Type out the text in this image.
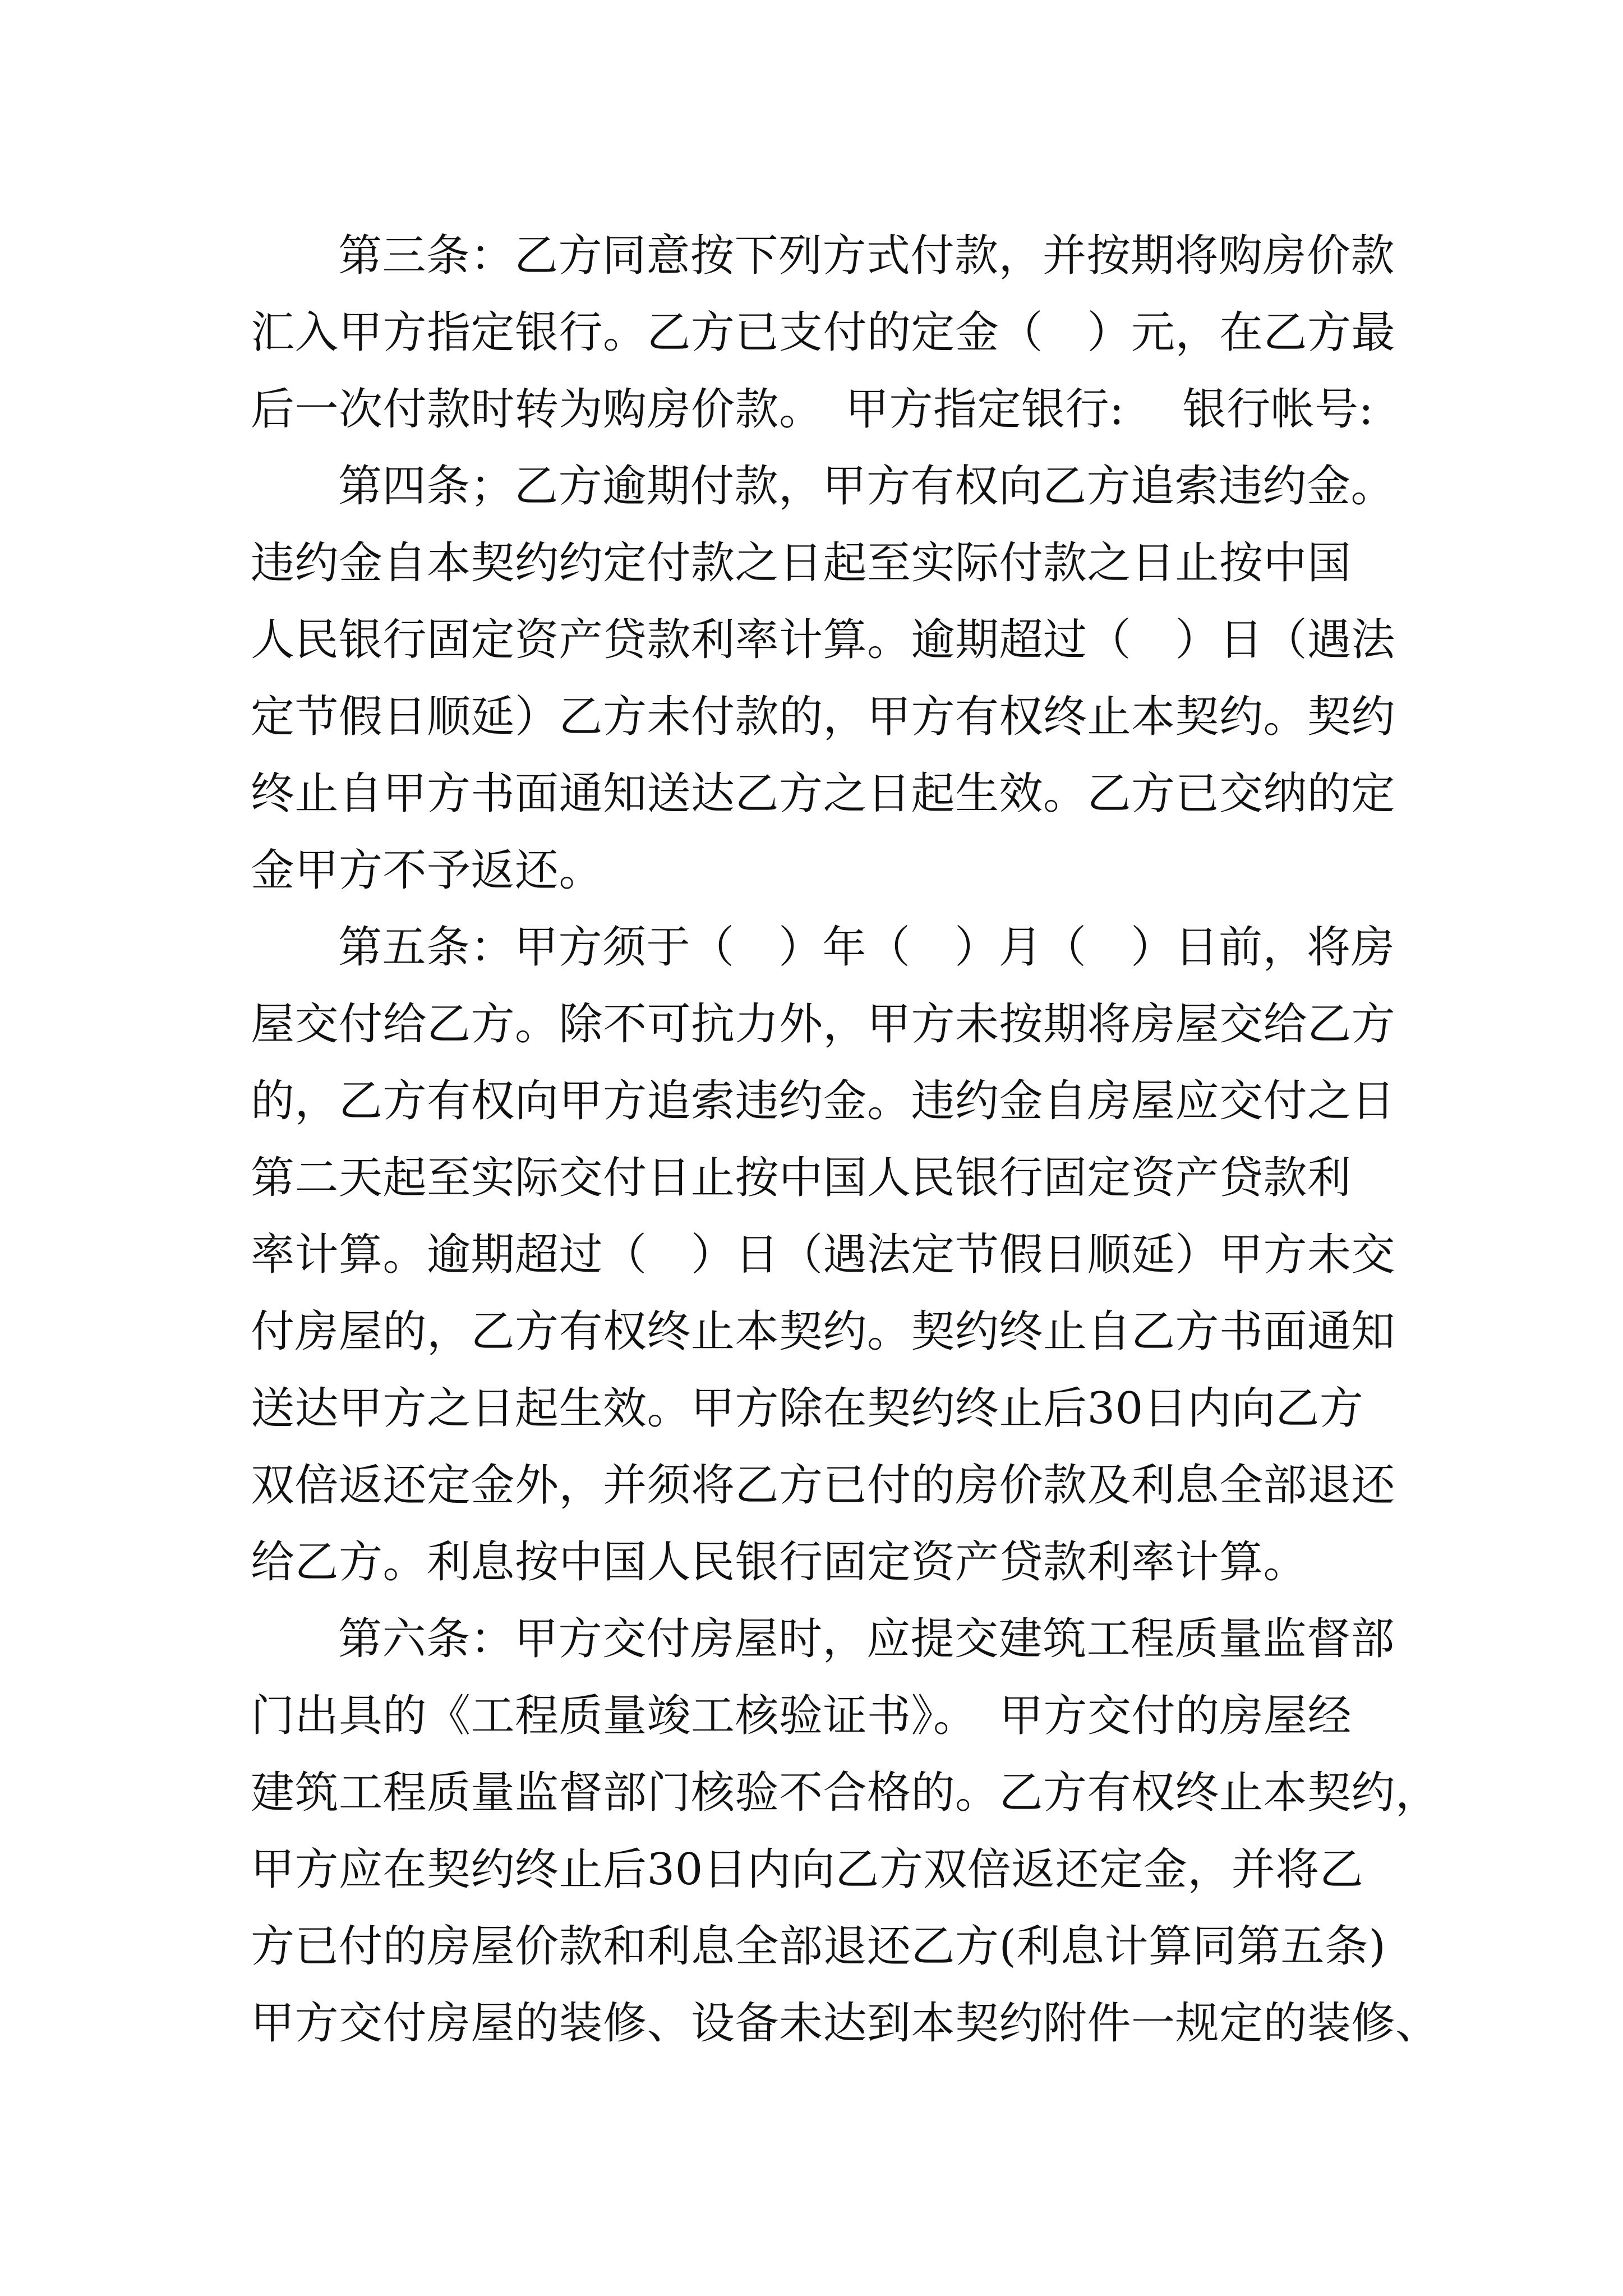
第三条：乙方同意按下列方式付款，并按期将购房价款
汇入甲方指定银行。乙方已支付的定金（　）元，在乙方最
后一次付款时转为购房价款。　甲方指定银行:　 银行帐号:
第四条；乙方逾期付款，甲方有权向乙方追索违约金。
违约金自本契约约定付款之日起至实际付款之日止按中国
人民银行固定资产贷款利率计算。逾期超过（　）日（遇法
定节假日顺延）乙方未付款的，甲方有权终止本契约。契约
终止自甲方书面通知送达乙方之日起生效。乙方已交纳的定
金甲方不予返还。
第五条：甲方须于（　）年（　）月（　）日前，将房
屋交付给乙方。除不可抗力外，甲方未按期将房屋交给乙方
的，乙方有权向甲方追索违约金。违约金自房屋应交付之日
第二天起至实际交付日止按中国人民银行固定资产贷款利
率计算。逾期超过（　）日（遇法定节假日顺延）甲方未交
付房屋的，乙方有权终止本契约。契约终止自乙方书面通知
送达甲方之日起生效。甲方除在契约终止后30日内向乙方
双倍返还定金外，并须将乙方已付的房价款及利息全部退还
给乙方。利息按中国人民银行固定资产贷款利率计算。
第六条：甲方交付房屋时，应提交建筑工程质量监督部
门出具的《工程质量竣工核验证书》。　甲方交付的房屋经
建筑工程质量监督部门核验不合格的。乙方有权终止本契约，
甲方应在契约终止后30日内向乙方双倍返还定金，并将乙
方已付的房屋价款和利息全部退还乙方(利息计算同第五条)
甲方交付房屋的装修、设备未达到本契约附件一规定的装修、
